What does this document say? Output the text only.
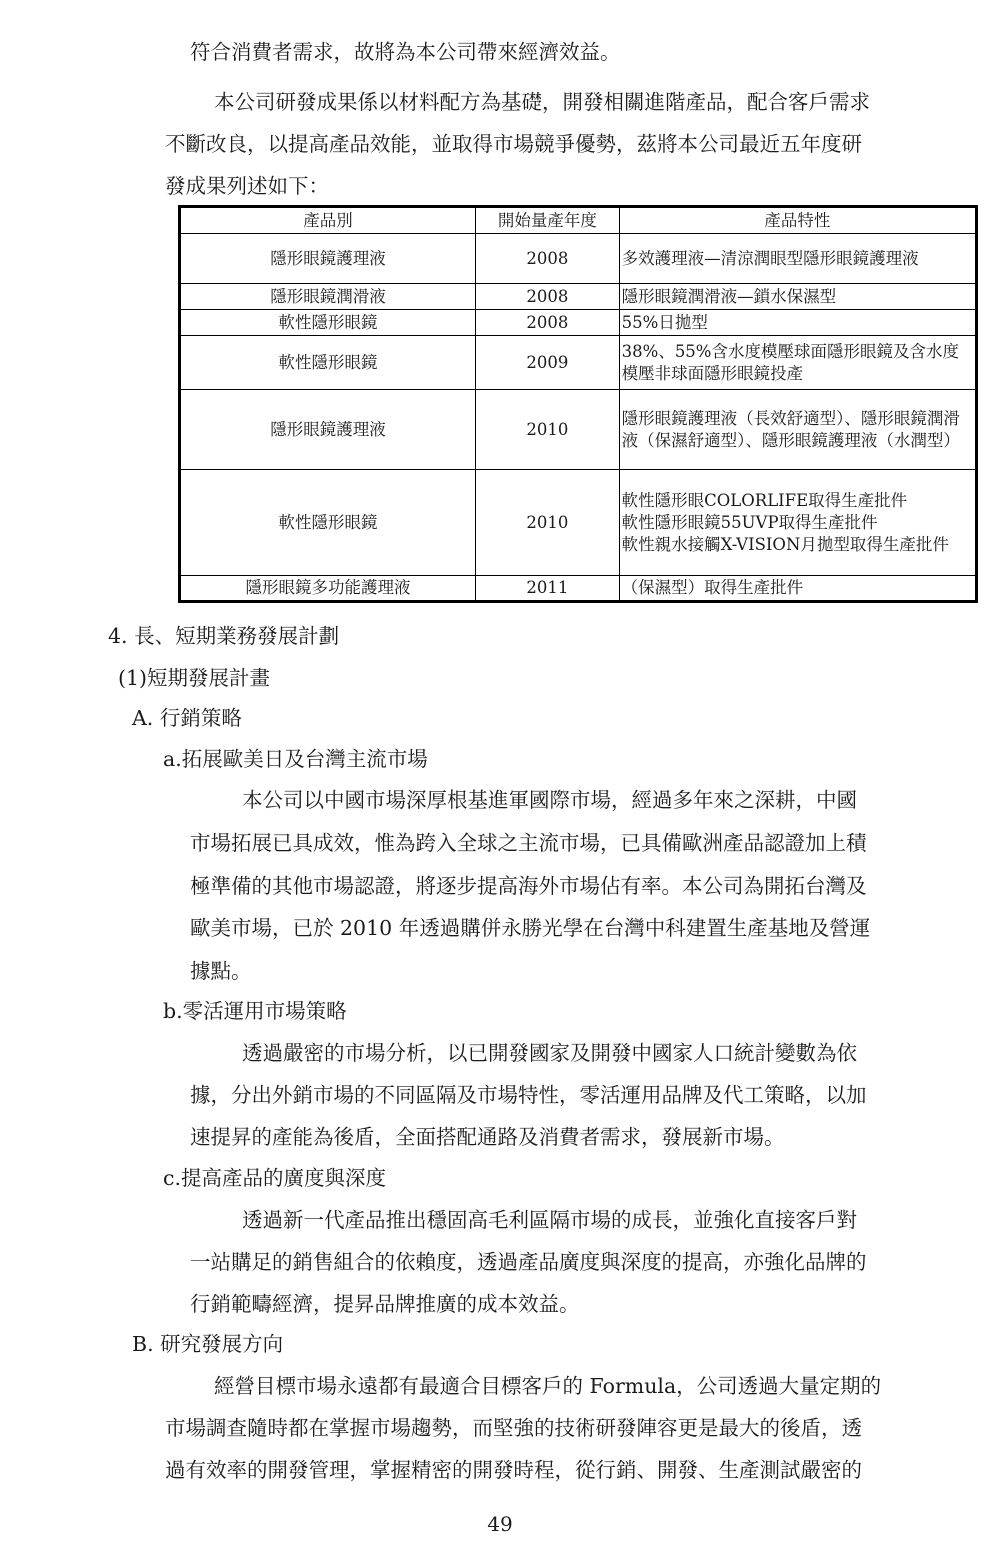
符合消費者需求，故將為本公司帶來經濟效益。
本公司研發成果係以材料配方為基礎，開發相關進階產品，配合客戶需求
不斷改良，以提高產品效能，並取得市場競爭優勢，茲將本公司最近五年度研
發成果列述如下：
產品別	開始量產年度	產品特性
隱形眼鏡護理液	2008	多效護理液—清涼潤眼型隱形眼鏡護理液
隱形眼鏡潤滑液	2008	隱形眼鏡潤滑液—鎖水保濕型
軟性隱形眼鏡	2008	55%日拋型
軟性隱形眼鏡	2009	38%、55%含水度模壓球面隱形眼鏡及含水度模壓非球面隱形眼鏡投產
隱形眼鏡護理液	2010	隱形眼鏡護理液（長效舒適型）、隱形眼鏡潤滑液（保濕舒適型）、隱形眼鏡護理液（水潤型）
軟性隱形眼鏡	2010	軟性隱形眼COLORLIFE取得生產批件
軟性隱形眼鏡55UVP取得生產批件
軟性親水接觸X-VISION月拋型取得生產批件

隱形眼鏡多功能護理液	2011	（保濕型）取得生產批件
4. 長、短期業務發展計劃
(1)短期發展計畫
A. 行銷策略
a.拓展歐美日及台灣主流市場
本公司以中國市場深厚根基進軍國際市場，經過多年來之深耕，中國
市場拓展已具成效，惟為跨入全球之主流市場，已具備歐洲產品認證加上積
極準備的其他市場認證，將逐步提高海外市場佔有率。本公司為開拓台灣及
歐美市場，已於 2010 年透過購併永勝光學在台灣中科建置生產基地及營運
據點。
b.零活運用市場策略
透過嚴密的市場分析，以已開發國家及開發中國家人口統計變數為依
據，分出外銷市場的不同區隔及市場特性，零活運用品牌及代工策略，以加
速提昇的產能為後盾，全面搭配通路及消費者需求，發展新市場。
c.提高產品的廣度與深度
透過新一代產品推出穩固高毛利區隔市場的成長，並強化直接客戶對
一站購足的銷售組合的依賴度，透過產品廣度與深度的提高，亦強化品牌的
行銷範疇經濟，提昇品牌推廣的成本效益。
B. 研究發展方向
經營目標市場永遠都有最適合目標客戶的 Formula，公司透過大量定期的
市場調查隨時都在掌握市場趨勢，而堅強的技術研發陣容更是最大的後盾，透
過有效率的開發管理，掌握精密的開發時程，從行銷、開發、生產測試嚴密的
49
